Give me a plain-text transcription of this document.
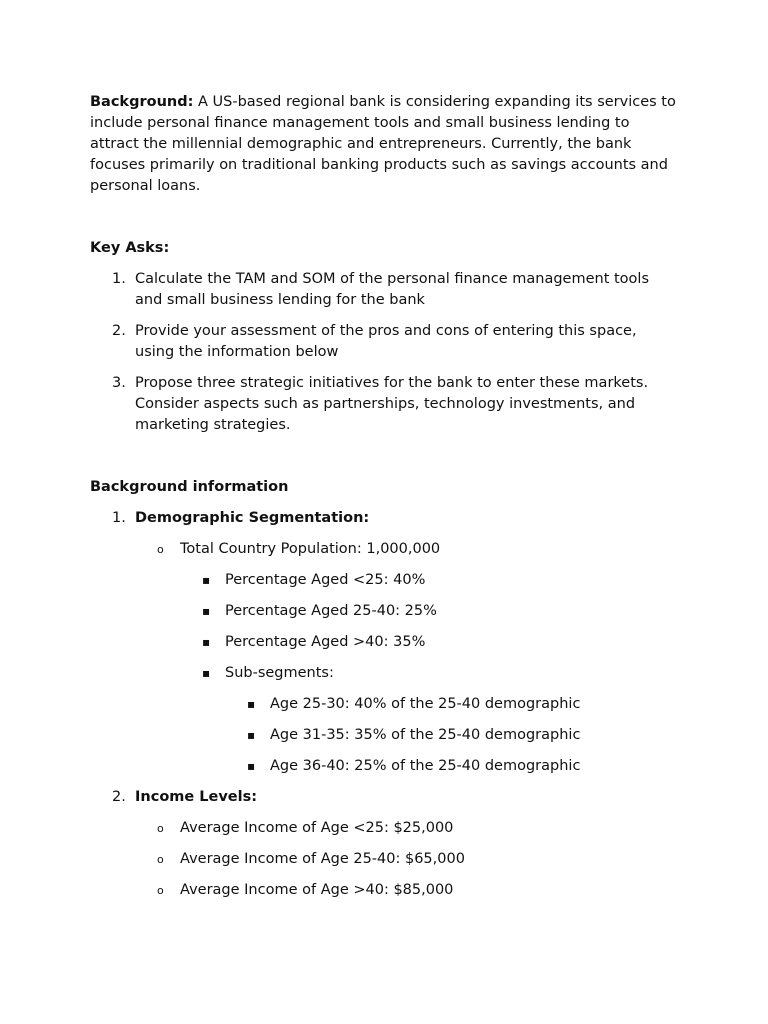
Background: A US-based regional bank is considering expanding its services to include personal finance management tools and small business lending to attract the millennial demographic and entrepreneurs. Currently, the bank focuses primarily on traditional banking products such as savings accounts and personal loans.

Key Asks:

1. Calculate the TAM and SOM of the personal finance management tools and small business lending for the bank
2. Provide your assessment of the pros and cons of entering this space, using the information below
3. Propose three strategic initiatives for the bank to enter these markets. Consider aspects such as partnerships, technology investments, and marketing strategies.

Background information

1. Demographic Segmentation:
o Total Country Population: 1,000,000
▪ Percentage Aged <25: 40%
▪ Percentage Aged 25-40: 25%
▪ Percentage Aged >40: 35%
▪ Sub-segments:
▪ Age 25-30: 40% of the 25-40 demographic
▪ Age 31-35: 35% of the 25-40 demographic
▪ Age 36-40: 25% of the 25-40 demographic
2. Income Levels:
o Average Income of Age <25: $25,000
o Average Income of Age 25-40: $65,000
o Average Income of Age >40: $85,000
